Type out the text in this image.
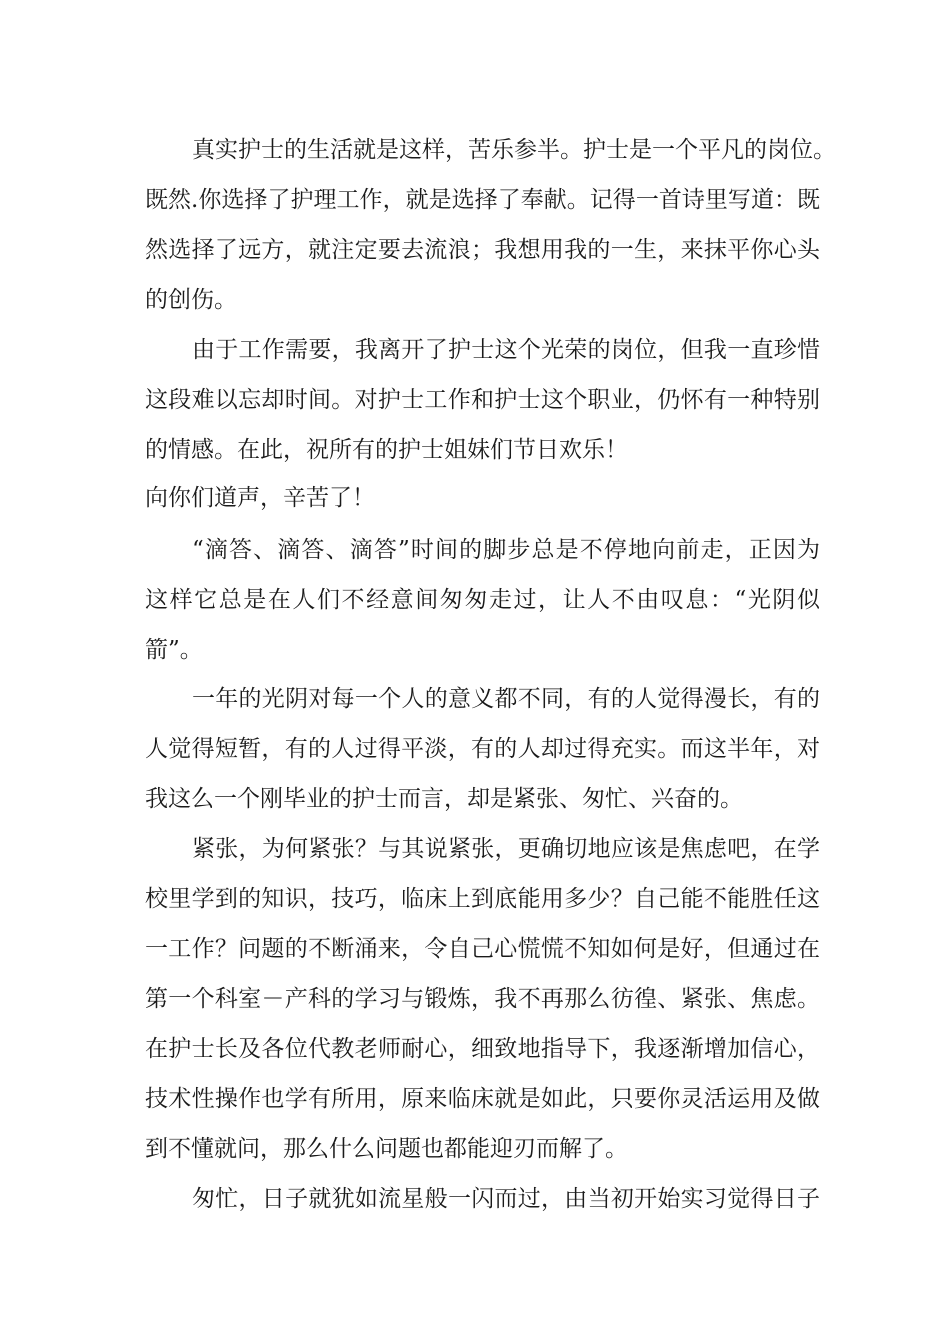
真实护士的生活就是这样，苦乐参半。护士是一个平凡的岗位。
既然.你选择了护理工作，就是选择了奉献。记得一首诗里写道：既
然选择了远方，就注定要去流浪；我想用我的一生，来抹平你心头
的创伤。
由于工作需要，我离开了护士这个光荣的岗位，但我一直珍惜
这段难以忘却时间。对护士工作和护士这个职业，仍怀有一种特别
的情感。在此，祝所有的护士姐妹们节日欢乐！
向你们道声，辛苦了！
“滴答、滴答、滴答”时间的脚步总是不停地向前走，正因为
这样它总是在人们不经意间匆匆走过，让人不由叹息：“光阴似
箭”。
一年的光阴对每一个人的意义都不同，有的人觉得漫长，有的
人觉得短暂，有的人过得平淡，有的人却过得充实。而这半年，对
我这么一个刚毕业的护士而言，却是紧张、匆忙、兴奋的。
紧张，为何紧张？与其说紧张，更确切地应该是焦虑吧，在学
校里学到的知识，技巧，临床上到底能用多少？自己能不能胜任这
一工作？问题的不断涌来，令自己心慌慌不知如何是好，但通过在
第一个科室－产科的学习与锻炼，我不再那么彷徨、紧张、焦虑。
在护士长及各位代教老师耐心，细致地指导下，我逐渐增加信心，
技术性操作也学有所用，原来临床就是如此，只要你灵活运用及做
到不懂就问，那么什么问题也都能迎刃而解了。
匆忙，日子就犹如流星般一闪而过，由当初开始实习觉得日子
